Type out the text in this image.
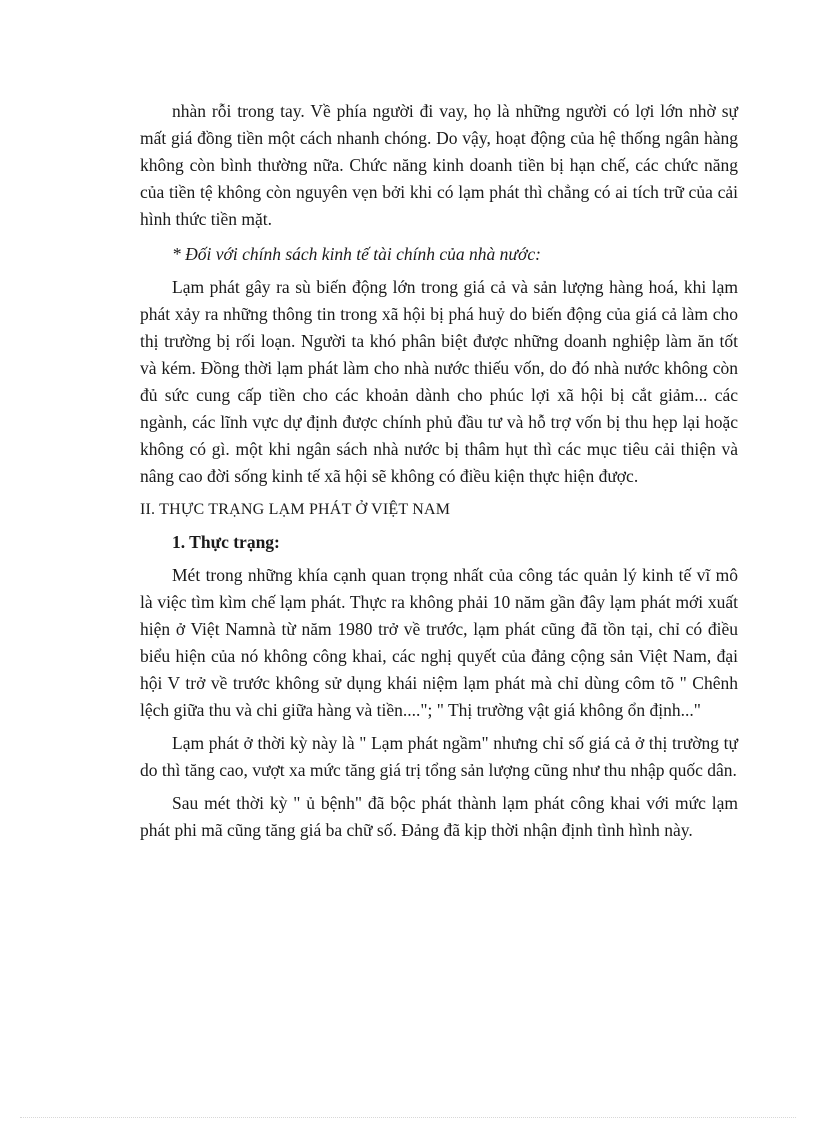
nhàn rỗi trong tay. Về phía người đi vay, họ là những người có lợi lớn nhờ sự mất giá đồng tiền một cách nhanh chóng. Do vậy, hoạt động của hệ thống ngân hàng không còn bình thường nữa. Chức năng kinh doanh tiền bị hạn chế, các chức năng của tiền tệ không còn nguyên vẹn bởi khi có lạm phát thì chẳng có ai tích trữ của cải hình thức tiền mặt.

* Đối với chính sách kinh tế tài chính của nhà nước:

Lạm phát gây ra sù biến động lớn trong giá cả và sản lượng hàng hoá, khi lạm phát xảy ra những thông tin trong xã hội bị phá huỷ do biến động của giá cả làm cho thị trường bị rối loạn. Người ta khó phân biệt được những doanh nghiệp làm ăn tốt và kém. Đồng thời lạm phát làm cho nhà nước thiếu vốn, do đó nhà nước không còn đủ sức cung cấp tiền cho các khoản dành cho phúc lợi xã hội bị cắt giảm... các ngành, các lĩnh vực dự định được chính phủ đầu tư và hỗ trợ vốn bị thu hẹp lại hoặc không có gì. một khi ngân sách nhà nước bị thâm hụt thì các mục tiêu cải thiện và nâng cao đời sống kinh tế xã hội sẽ không có điều kiện thực hiện được.

II. THỰC TRẠNG LẠM PHÁT Ở VIỆT NAM

1. Thực trạng:

Mét trong những khía cạnh quan trọng nhất của công tác quản lý kinh tế vĩ mô là việc tìm kìm chế lạm phát. Thực ra không phải 10 năm gần đây lạm phát mới xuất hiện ở Việt Namnà từ năm 1980 trở về trước, lạm phát cũng đã tồn tại, chỉ có điều biểu hiện của nó không công khai, các nghị quyết của đảng cộng sản Việt Nam, đại hội V trở về trước không sử dụng khái niệm lạm phát mà chỉ dùng côm tõ " Chênh lệch giữa thu và chi giữa hàng và tiền...."; " Thị trường vật giá không ổn định..."

Lạm phát ở thời kỳ này là " Lạm phát ngầm" nhưng chỉ số giá cả ở thị trường tự do thì tăng cao, vượt xa mức tăng giá trị tổng sản lượng cũng như thu nhập quốc dân.

Sau mét thời kỳ " ủ bệnh" đã bộc phát thành lạm phát công khai với mức lạm phát phi mã cũng tăng giá ba chữ số. Đảng đã kịp thời nhận định tình hình này.
